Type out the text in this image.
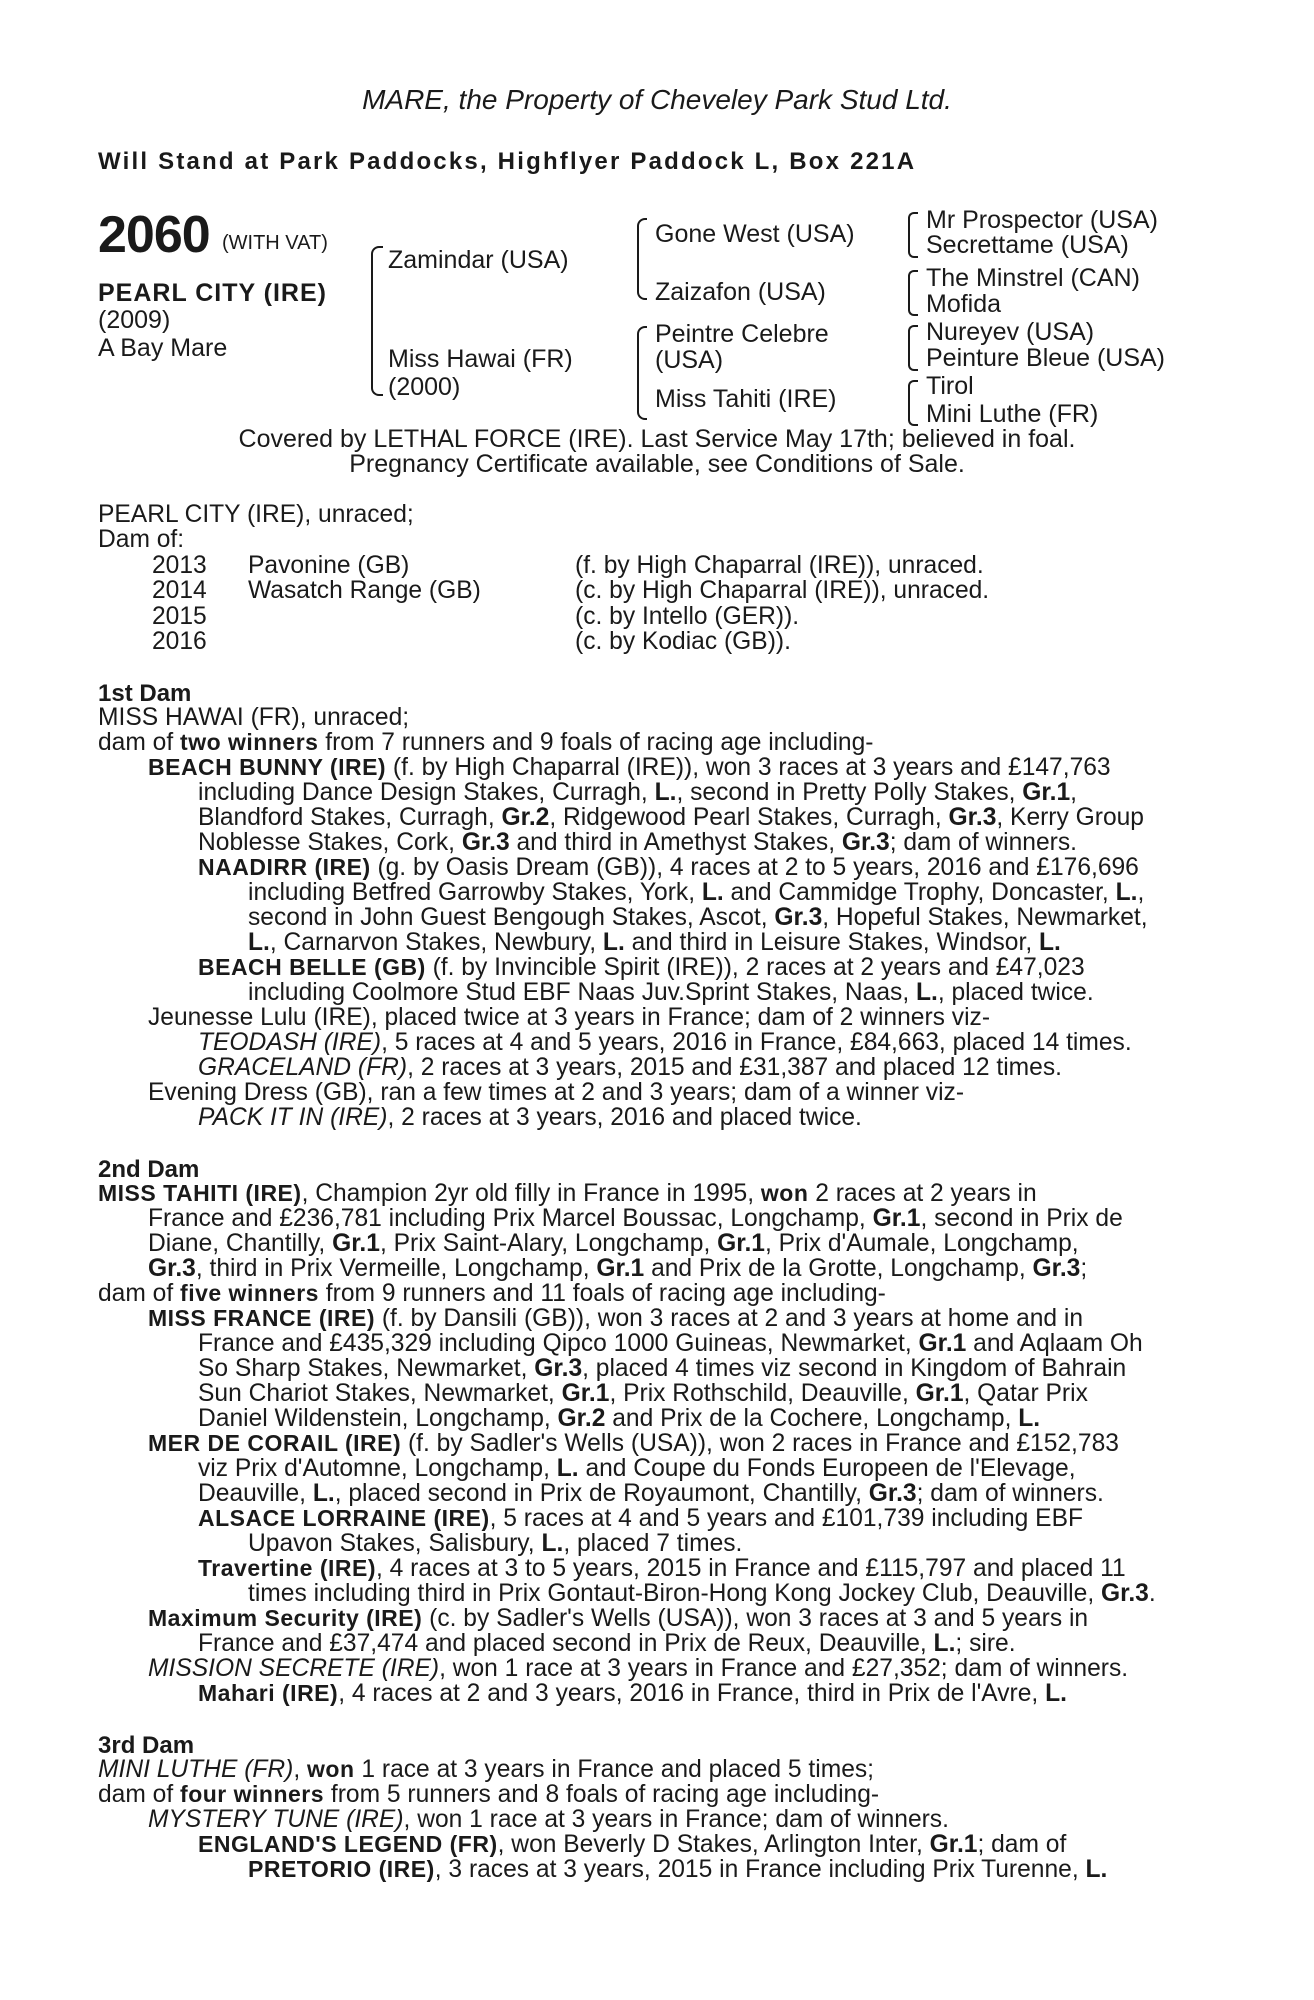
MARE, the Property of Cheveley Park Stud Ltd.
Will Stand at Park Paddocks, Highflyer Paddock L, Box 221A
2060 (WITH VAT)
PEARL CITY (IRE)
(2009)
A Bay Mare
Zamindar (USA)
Miss Hawai (FR)
(2000)
Gone West (USA)
Zaizafon (USA)
Peintre Celebre
(USA)
Miss Tahiti (IRE)
Mr Prospector (USA)
Secrettame (USA)
The Minstrel (CAN)
Mofida
Nureyev (USA)
Peinture Bleue (USA)
Tirol
Mini Luthe (FR)
Covered by LETHAL FORCE (IRE). Last Service May 17th; believed in foal.
Pregnancy Certificate available, see Conditions of Sale.
PEARL CITY (IRE), unraced;
Dam of:
2013 Pavonine (GB)	(f. by High Chaparral (IRE)), unraced.
2014 Wasatch Range (GB)	(c. by High Chaparral (IRE)), unraced.
2015	(c. by Intello (GER)).
2016	(c. by Kodiac (GB)).
1st Dam
MISS HAWAI (FR), unraced;
dam of two winners from 7 runners and 9 foals of racing age including-
BEACH BUNNY (IRE) (f. by High Chaparral (IRE)), won 3 races at 3 years and £147,763
including Dance Design Stakes, Curragh, L., second in Pretty Polly Stakes, Gr.1,
Blandford Stakes, Curragh, Gr.2, Ridgewood Pearl Stakes, Curragh, Gr.3, Kerry Group
Noblesse Stakes, Cork, Gr.3 and third in Amethyst Stakes, Gr.3; dam of winners.
NAADIRR (IRE) (g. by Oasis Dream (GB)), 4 races at 2 to 5 years, 2016 and £176,696
including Betfred Garrowby Stakes, York, L. and Cammidge Trophy, Doncaster, L.,
second in John Guest Bengough Stakes, Ascot, Gr.3, Hopeful Stakes, Newmarket,
L., Carnarvon Stakes, Newbury, L. and third in Leisure Stakes, Windsor, L.
BEACH BELLE (GB) (f. by Invincible Spirit (IRE)), 2 races at 2 years and £47,023
including Coolmore Stud EBF Naas Juv.Sprint Stakes, Naas, L., placed twice.
Jeunesse Lulu (IRE), placed twice at 3 years in France; dam of 2 winners viz-
TEODASH (IRE), 5 races at 4 and 5 years, 2016 in France, £84,663, placed 14 times.
GRACELAND (FR), 2 races at 3 years, 2015 and £31,387 and placed 12 times.
Evening Dress (GB), ran a few times at 2 and 3 years; dam of a winner viz-
PACK IT IN (IRE), 2 races at 3 years, 2016 and placed twice.
2nd Dam
MISS TAHITI (IRE), Champion 2yr old filly in France in 1995, won 2 races at 2 years in
France and £236,781 including Prix Marcel Boussac, Longchamp, Gr.1, second in Prix de
Diane, Chantilly, Gr.1, Prix Saint-Alary, Longchamp, Gr.1, Prix d'Aumale, Longchamp,
Gr.3, third in Prix Vermeille, Longchamp, Gr.1 and Prix de la Grotte, Longchamp, Gr.3;
dam of five winners from 9 runners and 11 foals of racing age including-
MISS FRANCE (IRE) (f. by Dansili (GB)), won 3 races at 2 and 3 years at home and in
France and £435,329 including Qipco 1000 Guineas, Newmarket, Gr.1 and Aqlaam Oh
So Sharp Stakes, Newmarket, Gr.3, placed 4 times viz second in Kingdom of Bahrain
Sun Chariot Stakes, Newmarket, Gr.1, Prix Rothschild, Deauville, Gr.1, Qatar Prix
Daniel Wildenstein, Longchamp, Gr.2 and Prix de la Cochere, Longchamp, L.
MER DE CORAIL (IRE) (f. by Sadler's Wells (USA)), won 2 races in France and £152,783
viz Prix d'Automne, Longchamp, L. and Coupe du Fonds Europeen de l'Elevage,
Deauville, L., placed second in Prix de Royaumont, Chantilly, Gr.3; dam of winners.
ALSACE LORRAINE (IRE), 5 races at 4 and 5 years and £101,739 including EBF
Upavon Stakes, Salisbury, L., placed 7 times.
Travertine (IRE), 4 races at 3 to 5 years, 2015 in France and £115,797 and placed 11
times including third in Prix Gontaut-Biron-Hong Kong Jockey Club, Deauville, Gr.3.
Maximum Security (IRE) (c. by Sadler's Wells (USA)), won 3 races at 3 and 5 years in
France and £37,474 and placed second in Prix de Reux, Deauville, L.; sire.
MISSION SECRETE (IRE), won 1 race at 3 years in France and £27,352; dam of winners.
Mahari (IRE), 4 races at 2 and 3 years, 2016 in France, third in Prix de l'Avre, L.
3rd Dam
MINI LUTHE (FR), won 1 race at 3 years in France and placed 5 times;
dam of four winners from 5 runners and 8 foals of racing age including-
MYSTERY TUNE (IRE), won 1 race at 3 years in France; dam of winners.
ENGLAND'S LEGEND (FR), won Beverly D Stakes, Arlington Inter, Gr.1; dam of
PRETORIO (IRE), 3 races at 3 years, 2015 in France including Prix Turenne, L.
